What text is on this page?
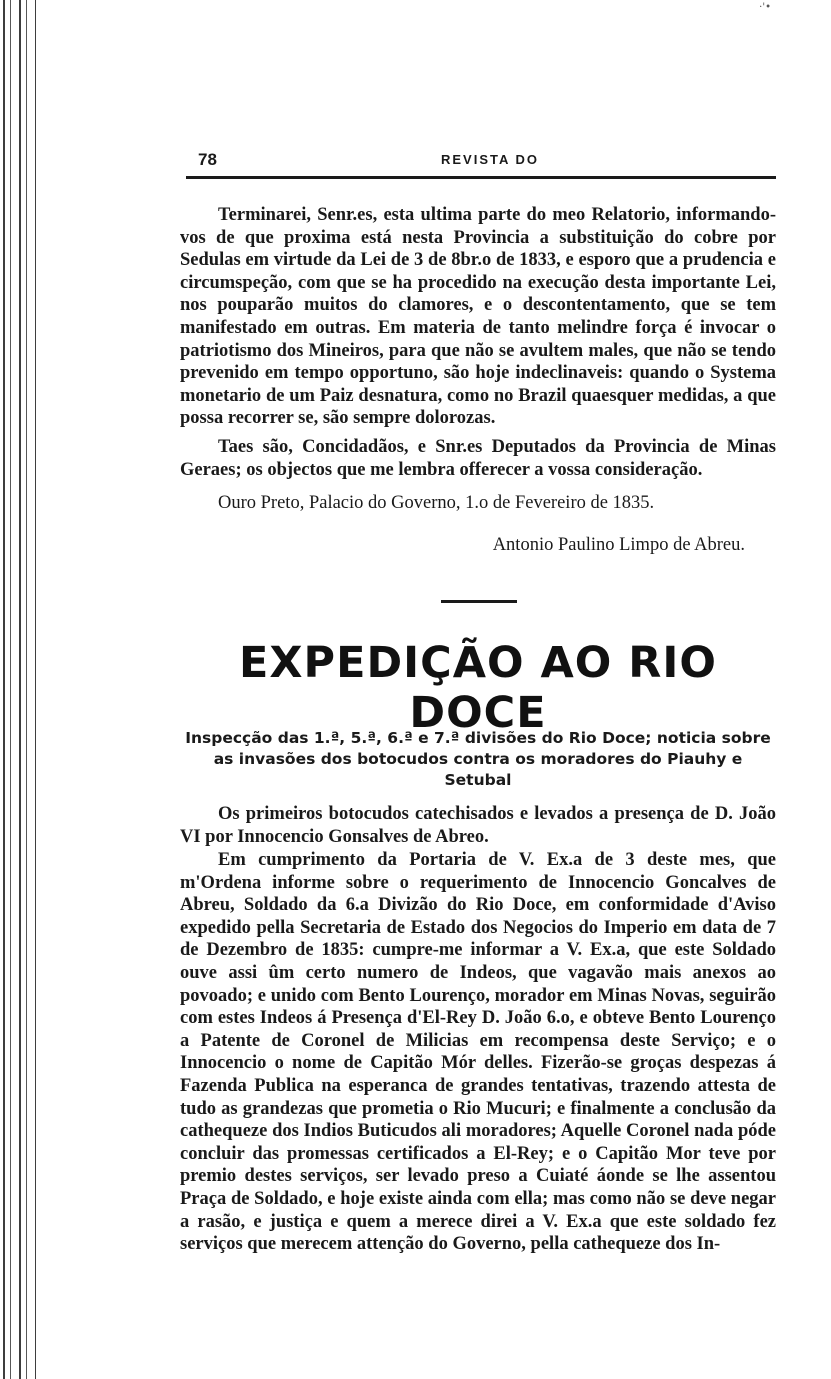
·'•
78	REVISTA DO

Terminarei, Senr.es, esta ultima parte do meo Relatorio, informando-vos de que proxima está nesta Provincia a substituição do cobre por Sedulas em virtude da Lei de 3 de 8br.o de 1833, e esporo que a prudencia e circumspeção, com que se ha procedido na execução desta importante Lei, nos pouparão muitos do clamores, e o descontentamento, que se tem manifestado em outras. Em materia de tanto melindre força é invocar o patriotismo dos Mineiros, para que não se avultem males, que não se tendo prevenido em tempo opportuno, são hoje indeclinaveis: quando o Systema monetario de um Paiz desnatura, como no Brazil quaesquer medidas, a que possa recorrer se, são sempre dolorozas.

Taes são, Concidadãos, e Snr.es Deputados da Provincia de Minas Geraes; os objectos que me lembra offerecer a vossa consideração.

Ouro Preto, Palacio do Governo, 1.o de Fevereiro de 1835.
Antonio Paulino Limpo de Abreu.
EXPEDIÇÃO AO RIO DOCE
Inspecção das 1.ª, 5.ª, 6.ª e 7.ª divisões do Rio Doce; noticia sobre as invasões dos botocudos contra os moradores do Piauhy e Setubal

Os primeiros botocudos catechisados e levados a presença de D. João VI por Innocencio Gonsalves de Abreo.

Em cumprimento da Portaria de V. Ex.a de 3 deste mes, que m'Ordena informe sobre o requerimento de Innocencio Goncalves de Abreu, Soldado da 6.a Divizão do Rio Doce, em conformidade d'Aviso expedido pella Secretaria de Estado dos Negocios do Imperio em data de 7 de Dezembro de 1835: cumpre-me informar a V. Ex.a, que este Soldado ouve assi ûm certo numero de Indeos, que vagavão mais anexos ao povoado; e unido com Bento Lourenço, morador em Minas Novas, seguirão com estes Indeos á Presença d'El-Rey D. João 6.o, e obteve Bento Lourenço a Patente de Coronel de Milicias em recompensa deste Serviço; e o Innocencio o nome de Capitão Mór delles. Fizerão-se groças despezas á Fazenda Publica na esperanca de grandes tentativas, trazendo attesta de tudo as grandezas que prometia o Rio Mucuri; e finalmente a conclusão da cathequeze dos Indios Buticudos ali moradores; Aquelle Coronel nada póde concluir das promessas certificados a El-Rey; e o Capitão Mor teve por premio destes serviços, ser levado preso a Cuiaté áonde se lhe assentou Praça de Soldado, e hoje existe ainda com ella; mas como não se deve negar a rasão, e justiça e quem a merece direi a V. Ex.a que este soldado fez serviços que merecem attenção do Governo, pella cathequeze dos In-
